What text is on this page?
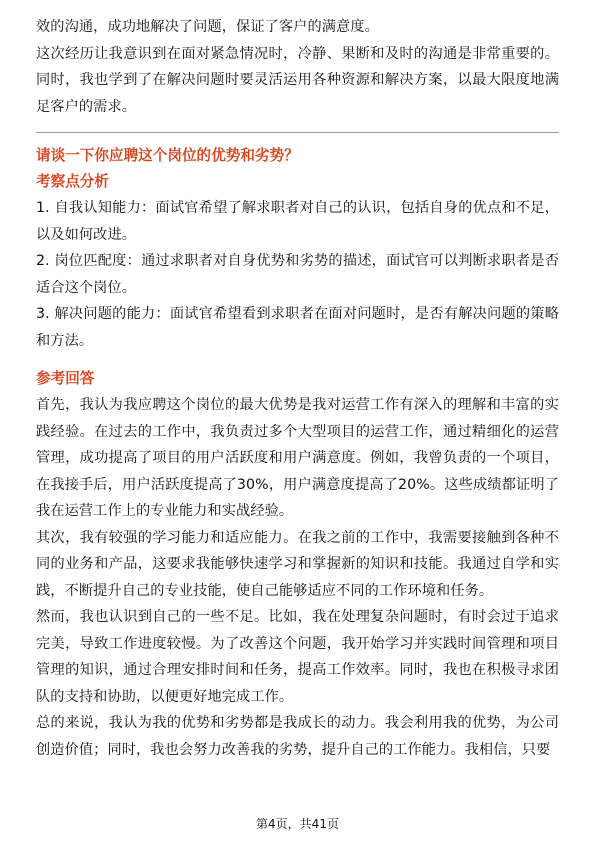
效的沟通，成功地解决了问题，保证了客户的满意度。

这次经历让我意识到在面对紧急情况时，冷静、果断和及时的沟通是非常重要的。同时，我也学到了在解决问题时要灵活运用各种资源和解决方案，以最大限度地满足客户的需求。

请谈一下你应聘这个岗位的优势和劣势？
考察点分析

1. 自我认知能力：面试官希望了解求职者对自己的认识，包括自身的优点和不足，以及如何改进。

2. 岗位匹配度：通过求职者对自身优势和劣势的描述，面试官可以判断求职者是否适合这个岗位。

3. 解决问题的能力：面试官希望看到求职者在面对问题时，是否有解决问题的策略和方法。

参考回答

首先，我认为我应聘这个岗位的最大优势是我对运营工作有深入的理解和丰富的实践经验。在过去的工作中，我负责过多个大型项目的运营工作，通过精细化的运营管理，成功提高了项目的用户活跃度和用户满意度。例如，我曾负责的一个项目，在我接手后，用户活跃度提高了30%，用户满意度提高了20%。这些成绩都证明了我在运营工作上的专业能力和实战经验。

其次，我有较强的学习能力和适应能力。在我之前的工作中，我需要接触到各种不同的业务和产品，这要求我能够快速学习和掌握新的知识和技能。我通过自学和实践，不断提升自己的专业技能，使自己能够适应不同的工作环境和任务。

然而，我也认识到自己的一些不足。比如，我在处理复杂问题时，有时会过于追求完美，导致工作进度较慢。为了改善这个问题，我开始学习并实践时间管理和项目管理的知识，通过合理安排时间和任务，提高工作效率。同时，我也在积极寻求团队的支持和协助，以便更好地完成工作。

总的来说，我认为我的优势和劣势都是我成长的动力。我会利用我的优势，为公司创造价值；同时，我也会努力改善我的劣势，提升自己的工作能力。我相信，只要

第4页，共41页
